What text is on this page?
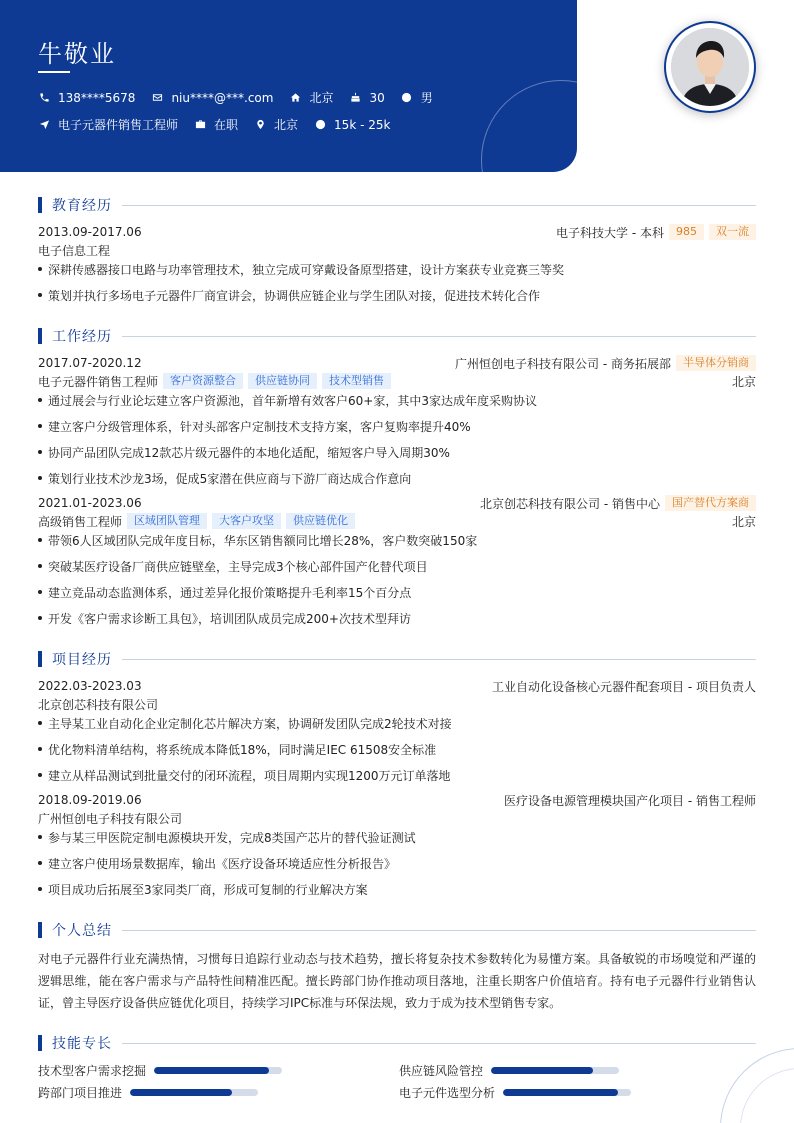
牛敬业
138****5678	niu****@***.com	北京	30	男
电子元器件销售工程师	在职	北京	15k - 25k
教育经历
2013.09-2017.06	电子科技大学 - 本科	985	双一流
电子信息工程
深耕传感器接口电路与功率管理技术，独立完成可穿戴设备原型搭建，设计方案获专业竞赛三等奖
策划并执行多场电子元器件厂商宣讲会，协调供应链企业与学生团队对接，促进技术转化合作
工作经历
2017.07-2020.12	广州恒创电子科技有限公司 - 商务拓展部	半导体分销商
电子元器件销售工程师	客户资源整合	供应链协同	技术型销售	北京
通过展会与行业论坛建立客户资源池，首年新增有效客户60+家，其中3家达成年度采购协议
建立客户分级管理体系，针对头部客户定制技术支持方案，客户复购率提升40%
协同产品团队完成12款芯片级元器件的本地化适配，缩短客户导入周期30%
策划行业技术沙龙3场，促成5家潜在供应商与下游厂商达成合作意向
2021.01-2023.06	北京创芯科技有限公司 - 销售中心	国产替代方案商
高级销售工程师	区域团队管理	大客户攻坚	供应链优化	北京
带领6人区域团队完成年度目标，华东区销售额同比增长28%，客户数突破150家
突破某医疗设备厂商供应链壁垒，主导完成3个核心部件国产化替代项目
建立竞品动态监测体系，通过差异化报价策略提升毛利率15个百分点
开发《客户需求诊断工具包》，培训团队成员完成200+次技术型拜访
项目经历
2022.03-2023.03	工业自动化设备核心元器件配套项目 - 项目负责人
北京创芯科技有限公司
主导某工业自动化企业定制化芯片解决方案，协调研发团队完成2轮技术对接
优化物料清单结构，将系统成本降低18%，同时满足IEC 61508安全标准
建立从样品测试到批量交付的闭环流程，项目周期内实现1200万元订单落地
2018.09-2019.06	医疗设备电源管理模块国产化项目 - 销售工程师
广州恒创电子科技有限公司
参与某三甲医院定制电源模块开发，完成8类国产芯片的替代验证测试
建立客户使用场景数据库，输出《医疗设备环境适应性分析报告》
项目成功后拓展至3家同类厂商，形成可复制的行业解决方案
个人总结
对电子元器件行业充满热情，习惯每日追踪行业动态与技术趋势，擅长将复杂技术参数转化为易懂方案。具备敏锐的市场嗅觉和严谨的逻辑思维，能在客户需求与产品特性间精准匹配。擅长跨部门协作推动项目落地，注重长期客户价值培育。持有电子元器件行业销售认证，曾主导医疗设备供应链优化项目，持续学习IPC标准与环保法规，致力于成为技术型销售专家。
技能专长
技术型客户需求挖掘	供应链风险管控
跨部门项目推进	电子元件选型分析
